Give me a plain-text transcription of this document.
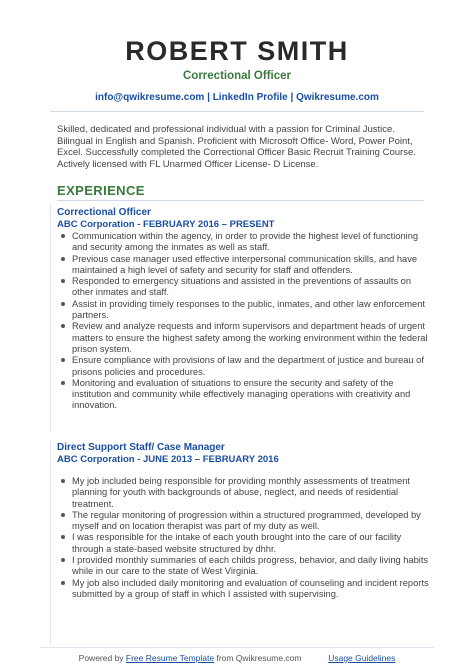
ROBERT SMITH
Correctional Officer
info@qwikresume.com | LinkedIn Profile | Qwikresume.com
Skilled, dedicated and professional individual with a passion for Criminal Justice. Bilingual in English and Spanish. Proficient with Microsoft Office- Word, Power Point, Excel. Successfully completed the Correctional Officer Basic Recruit Training Course. Actively licensed with FL Unarmed Officer License- D License.
EXPERIENCE
Correctional Officer
ABC Corporation - FEBRUARY 2016 – PRESENT
Communication within the agency, in order to provide the highest level of functioning and security among the inmates as well as staff.
Previous case manager used effective interpersonal communication skills, and have maintained a high level of safety and security for staff and offenders.
Responded to emergency situations and assisted in the preventions of assaults on other inmates and staff.
Assist in providing timely responses to the public, inmates, and other law enforcement partners.
Review and analyze requests and inform supervisors and department heads of urgent matters to ensure the highest safety among the working environment within the federal prison system.
Ensure compliance with provisions of law and the department of justice and bureau of prisons policies and procedures.
Monitoring and evaluation of situations to ensure the security and safety of the institution and community while effectively managing operations with creativity and innovation.
Direct Support Staff/ Case Manager
ABC Corporation - JUNE 2013 – FEBRUARY 2016
My job included being responsible for providing monthly assessments of treatment planning for youth with backgrounds of abuse, neglect, and needs of residential treatment.
The regular monitoring of progression within a structured programmed, developed by myself and on location therapist was part of my duty as well.
I was responsible for the intake of each youth brought into the care of our facility through a state-based website structured by dhhr.
I provided monthly summaries of each childs progress, behavior, and daily living habits while in our care to the state of West Virginia.
My job also included daily monitoring and evaluation of counseling and incident reports submitted by a group of staff in which I assisted with supervising.
Powered by Free Resume Template from Qwikresume.com	Usage Guidelines
